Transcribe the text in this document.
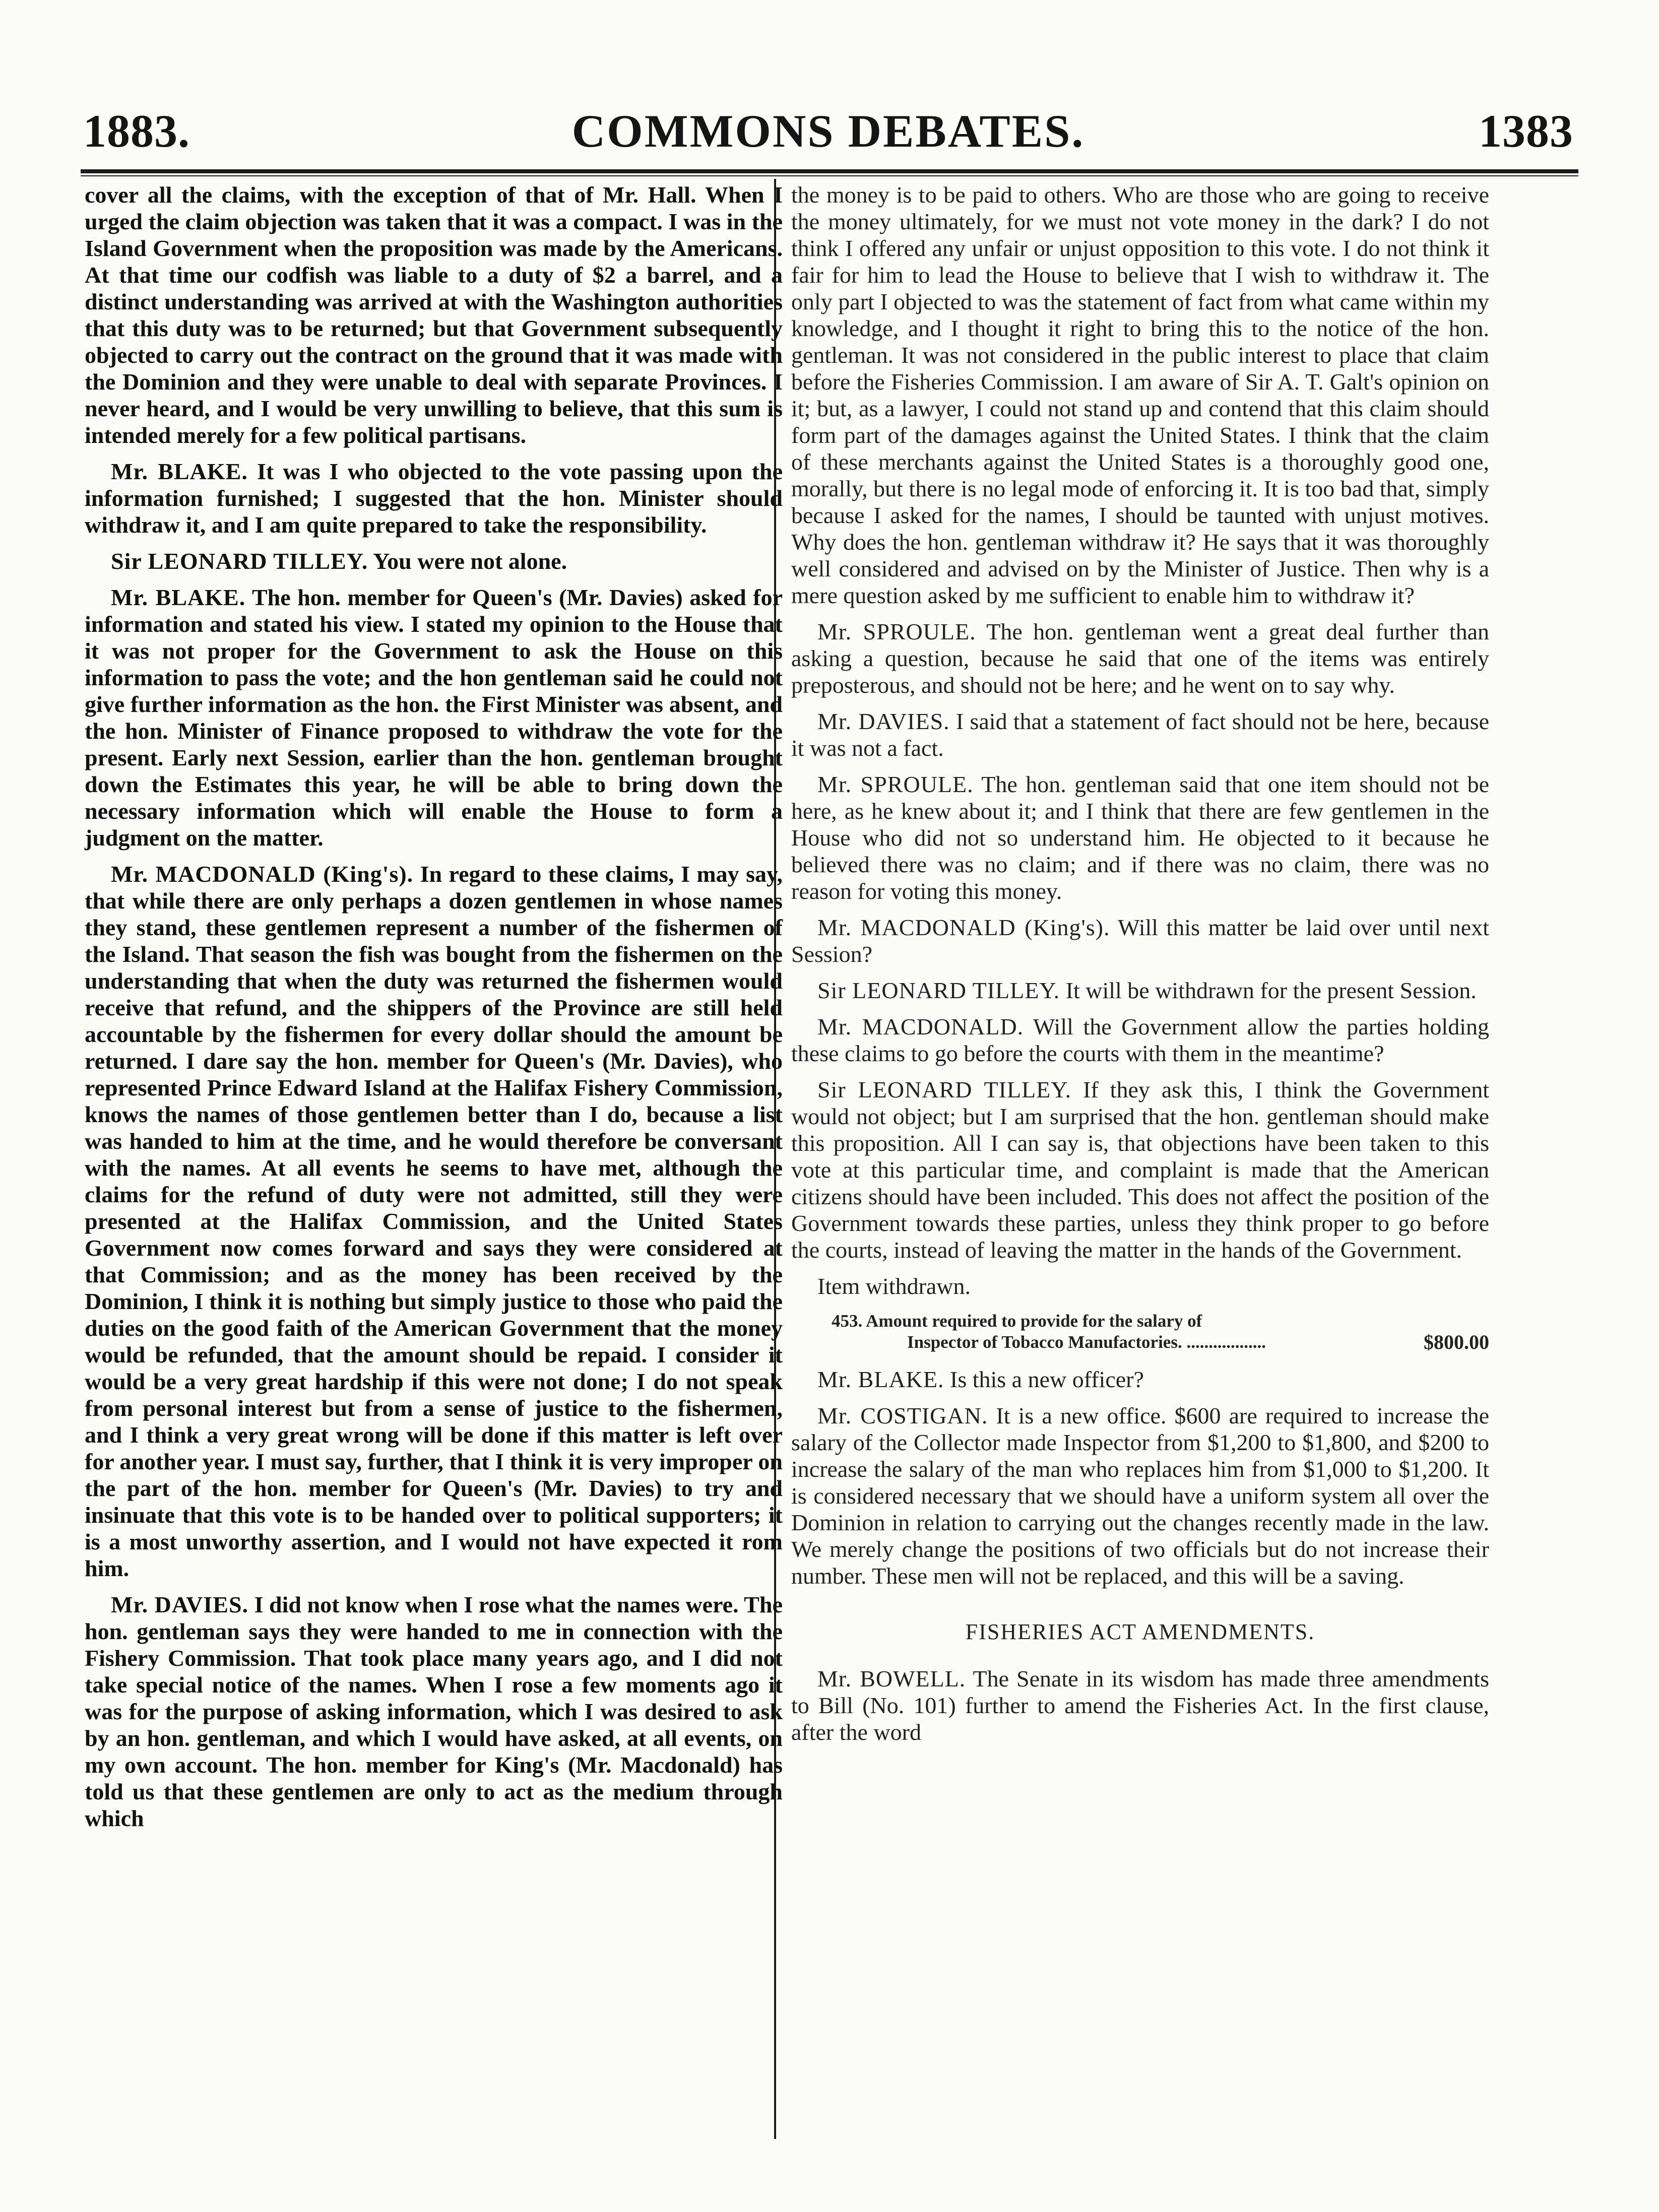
1883.	COMMONS DEBATES.	1383

cover all the claims, with the exception of that of Mr. Hall. When I urged the claim objection was taken that it was a compact. I was in the Island Government when the proposition was made by the Americans. At that time our codfish was liable to a duty of $2 a barrel, and a distinct understanding was arrived at with the Washington authorities that this duty was to be returned; but that Government subsequently objected to carry out the contract on the ground that it was made with the Dominion and they were unable to deal with separate Provinces. I never heard, and I would be very unwilling to believe, that this sum is intended merely for a few political partisans.

Mr. BLAKE. It was I who objected to the vote passing upon the information furnished; I suggested that the hon. Minister should withdraw it, and I am quite prepared to take the responsibility.

Sir LEONARD TILLEY. You were not alone.

Mr. BLAKE. The hon. member for Queen's (Mr. Davies) asked for information and stated his view. I stated my opinion to the House that it was not proper for the Government to ask the House on this information to pass the vote; and the hon gentleman said he could not give further information as the hon. the First Minister was absent, and the hon. Minister of Finance proposed to withdraw the vote for the present. Early next Session, earlier than the hon. gentleman brought down the Estimates this year, he will be able to bring down the necessary information which will enable the House to form a judgment on the matter.

Mr. MACDONALD (King's). In regard to these claims, I may say, that while there are only perhaps a dozen gentlemen in whose names they stand, these gentlemen represent a number of the fishermen of the Island. That season the fish was bought from the fishermen on the understanding that when the duty was returned the fishermen would receive that refund, and the shippers of the Province are still held accountable by the fishermen for every dollar should the amount be returned. I dare say the hon. member for Queen's (Mr. Davies), who represented Prince Edward Island at the Halifax Fishery Commission, knows the names of those gentlemen better than I do, because a list was handed to him at the time, and he would therefore be conversant with the names. At all events he seems to have met, although the claims for the refund of duty were not admitted, still they were presented at the Halifax Commission, and the United States Government now comes forward and says they were considered at that Commission; and as the money has been received by the Dominion, I think it is nothing but simply justice to those who paid the duties on the good faith of the American Government that the money would be refunded, that the amount should be repaid. I consider it would be a very great hardship if this were not done; I do not speak from personal interest but from a sense of justice to the fishermen, and I think a very great wrong will be done if this matter is left over for another year. I must say, further, that I think it is very improper on the part of the hon. member for Queen's (Mr. Davies) to try and insinuate that this vote is to be handed over to political supporters; it is a most unworthy assertion, and I would not have expected it rom him.

Mr. DAVIES. I did not know when I rose what the names were. The hon. gentleman says they were handed to me in connection with the Fishery Commission. That took place many years ago, and I did not take special notice of the names. When I rose a few moments ago it was for the purpose of asking information, which I was desired to ask by an hon. gentleman, and which I would have asked, at all events, on my own account. The hon. member for King's (Mr. Macdonald) has told us that these gentlemen are only to act as the medium through which

the money is to be paid to others. Who are those who are going to receive the money ultimately, for we must not vote money in the dark? I do not think I offered any unfair or unjust opposition to this vote. I do not think it fair for him to lead the House to believe that I wish to withdraw it. The only part I objected to was the statement of fact from what came within my knowledge, and I thought it right to bring this to the notice of the hon. gentleman. It was not considered in the public interest to place that claim before the Fisheries Commission. I am aware of Sir A. T. Galt's opinion on it; but, as a lawyer, I could not stand up and contend that this claim should form part of the damages against the United States. I think that the claim of these merchants against the United States is a thoroughly good one, morally, but there is no legal mode of enforcing it. It is too bad that, simply because I asked for the names, I should be taunted with unjust motives. Why does the hon. gentleman withdraw it? He says that it was thoroughly well considered and advised on by the Minister of Justice. Then why is a mere question asked by me sufficient to enable him to withdraw it?

Mr. SPROULE. The hon. gentleman went a great deal further than asking a question, because he said that one of the items was entirely preposterous, and should not be here; and he went on to say why.

Mr. DAVIES. I said that a statement of fact should not be here, because it was not a fact.

Mr. SPROULE. The hon. gentleman said that one item should not be here, as he knew about it; and I think that there are few gentlemen in the House who did not so understand him. He objected to it because he believed there was no claim; and if there was no claim, there was no reason for voting this money.

Mr. MACDONALD (King's). Will this matter be laid over until next Session?

Sir LEONARD TILLEY. It will be withdrawn for the present Session.

Mr. MACDONALD. Will the Government allow the parties holding these claims to go before the courts with them in the meantime?

Sir LEONARD TILLEY. If they ask this, I think the Government would not object; but I am surprised that the hon. gentleman should make this proposition. All I can say is, that objections have been taken to this vote at this particular time, and complaint is made that the American citizens should have been included. This does not affect the position of the Government towards these parties, unless they think proper to go before the courts, instead of leaving the matter in the hands of the Government.

Item withdrawn.

453. Amount required to provide for the salary of
Inspector of Tobacco Manufactories. ..................	$800.00

Mr. BLAKE. Is this a new officer?

Mr. COSTIGAN. It is a new office. $600 are required to increase the salary of the Collector made Inspector from $1,200 to $1,800, and $200 to increase the salary of the man who replaces him from $1,000 to $1,200. It is considered necessary that we should have a uniform system all over the Dominion in relation to carrying out the changes recently made in the law. We merely change the positions of two officials but do not increase their number. These men will not be replaced, and this will be a saving.

FISHERIES ACT AMENDMENTS.

Mr. BOWELL. The Senate in its wisdom has made three amendments to Bill (No. 101) further to amend the Fisheries Act. In the first clause, after the word
